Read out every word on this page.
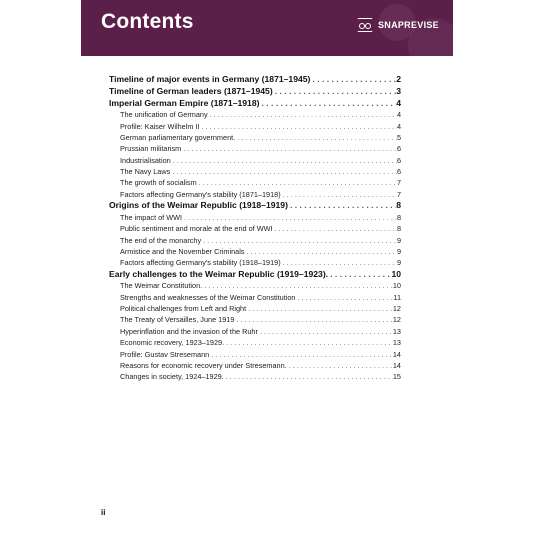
Contents	SNAPREVISE
Timeline of major events in Germany (1871–1945) . . .	2
Timeline of German leaders (1871–1945) . . .	3
Imperial German Empire (1871–1918) . . .	4
The unification of Germany . . .	4
Profile: Kaiser Wilhelm II . . .	4
German parliamentary government. . . .	5
Prussian militarism . . .	6
Industrialisation . . .	6
The Navy Laws . . .	6
The growth of socialism . . .	7
Factors affecting Germany's stability (1871–1918) . . .	7
Origins of the Weimar Republic (1918–1919) . . .	8
The impact of WWI . . .	8
Public sentiment and morale at the end of WWI . . .	8
The end of the monarchy . . .	9
Armistice and the November Criminals . . .	9
Factors affecting Germany's stability (1918–1919) . . .	9
Early challenges to the Weimar Republic (1919–1923). . . .	10
The Weimar Constitution. . . .	10
Strengths and weaknesses of the Weimar Constitution . . .	11
Political challenges from Left and Right . . .	12
The Treaty of Versailles, June 1919 . . .	12
Hyperinflation and the invasion of the Ruhr . . .	13
Economic recovery, 1923–1929. . . .	13
Profile: Gustav Stresemann . . .	14
Reasons for economic recovery under Stresemann. . . .	14
Changes in society, 1924–1929. . . .	15
ii
